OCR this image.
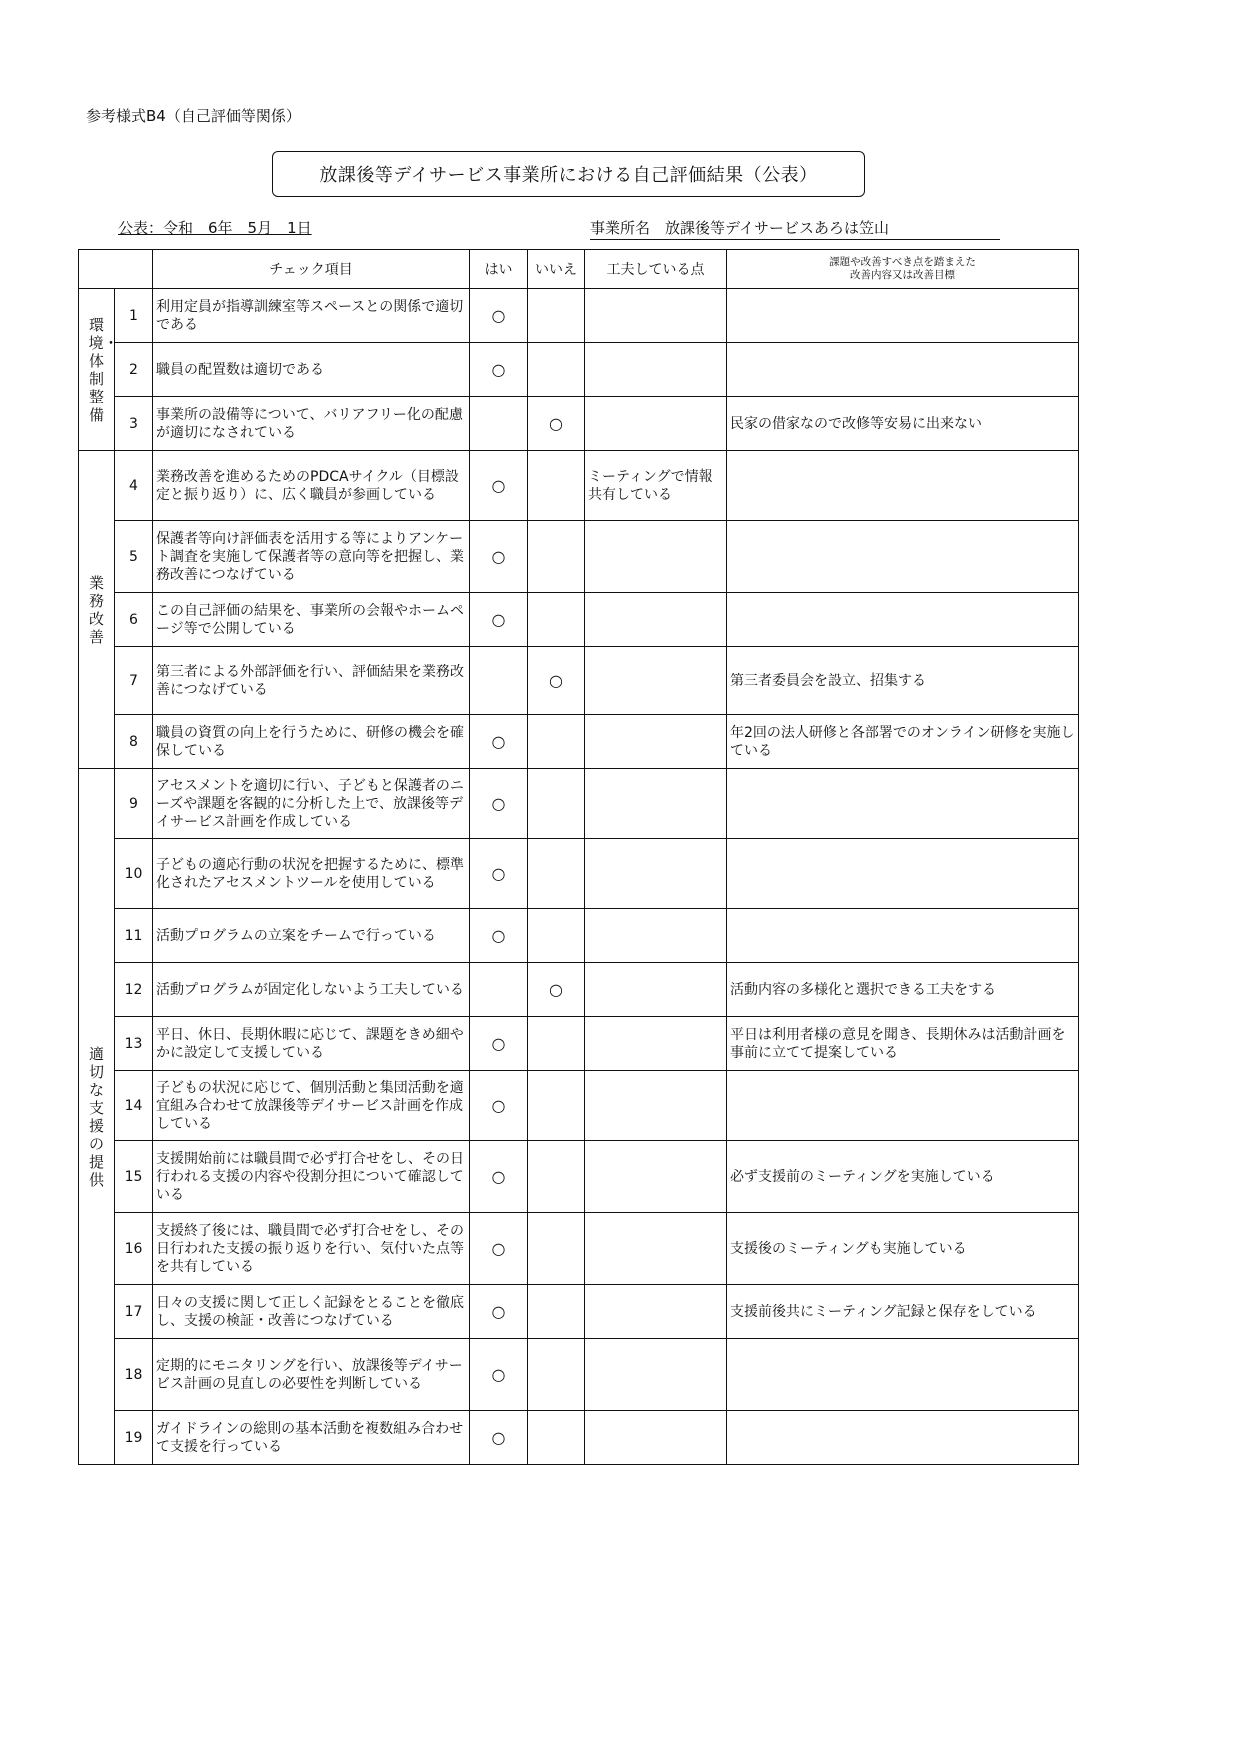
参考様式B4（自己評価等関係）
放課後等デイサービス事業所における自己評価結果（公表）
公表：令和　6年　5月　1日	事業所名　 放課後等デイサービスあろは笠山
		チェック項目	はい	いいえ	工夫している点	課題や改善すべき点を踏まえた
改善内容又は改善目標

環境・体制整備	1	利用定員が指導訓練室等スペースとの関係で適切である	○			
	2	職員の配置数は適切である	○			
	3	事業所の設備等について、バリアフリー化の配慮が適切になされている		○		民家の借家なので改修等安易に出来ない
業務改善	4	業務改善を進めるためのPDCAサイクル（目標設定と振り返り）に、広く職員が参画している	○		ミーティングで情報共有している	
	5	保護者等向け評価表を活用する等によりアンケート調査を実施して保護者等の意向等を把握し、業務改善につなげている	○			
	6	この自己評価の結果を、事業所の会報やホームページ等で公開している	○			
	7	第三者による外部評価を行い、評価結果を業務改善につなげている		○		第三者委員会を設立、招集する
	8	職員の資質の向上を行うために、研修の機会を確保している	○			年2回の法人研修と各部署でのオンライン研修を実施している
適切な支援の提供	9	アセスメントを適切に行い、子どもと保護者のニーズや課題を客観的に分析した上で、放課後等デイサービス計画を作成している	○			
	10	子どもの適応行動の状況を把握するために、標準化されたアセスメントツールを使用している	○			
	11	活動プログラムの立案をチームで行っている	○			
	12	活動プログラムが固定化しないよう工夫している		○		活動内容の多様化と選択できる工夫をする
	13	平日、休日、長期休暇に応じて、課題をきめ細やかに設定して支援している	○			平日は利用者様の意見を聞き、長期休みは活動計画を事前に立てて提案している
	14	子どもの状況に応じて、個別活動と集団活動を適宜組み合わせて放課後等デイサービス計画を作成している	○			
	15	支援開始前には職員間で必ず打合せをし、その日行われる支援の内容や役割分担について確認している	○			必ず支援前のミーティングを実施している
	16	支援終了後には、職員間で必ず打合せをし、その日行われた支援の振り返りを行い、気付いた点等を共有している	○			支援後のミーティングも実施している
	17	日々の支援に関して正しく記録をとることを徹底し、支援の検証・改善につなげている	○			支援前後共にミーティング記録と保存をしている
	18	定期的にモニタリングを行い、放課後等デイサービス計画の見直しの必要性を判断している	○			
	19	ガイドラインの総則の基本活動を複数組み合わせて支援を行っている	○			
